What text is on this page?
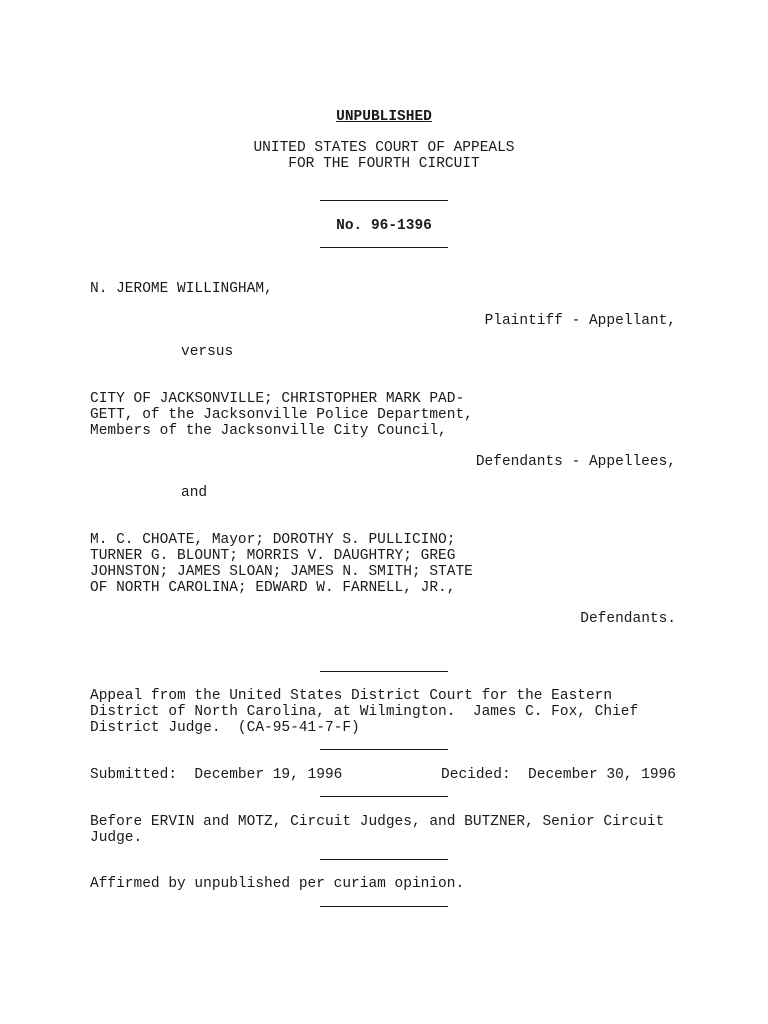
UNPUBLISHED
UNITED STATES COURT OF APPEALS
FOR THE FOURTH CIRCUIT
No. 96-1396
N. JEROME WILLINGHAM,
Plaintiff - Appellant,
versus
CITY OF JACKSONVILLE; CHRISTOPHER MARK PAD-
GETT, of the Jacksonville Police Department,
Members of the Jacksonville City Council,
Defendants - Appellees,
and
M. C. CHOATE, Mayor; DOROTHY S. PULLICINO;
TURNER G. BLOUNT; MORRIS V. DAUGHTRY; GREG
JOHNSTON; JAMES SLOAN; JAMES N. SMITH; STATE
OF NORTH CAROLINA; EDWARD W. FARNELL, JR.,
Defendants.
Appeal from the United States District Court for the Eastern
District of North Carolina, at Wilmington.  James C. Fox, Chief
District Judge.  (CA-95-41-7-F)
Submitted:  December 19, 1996	Decided:  December 30, 1996
Before ERVIN and MOTZ, Circuit Judges, and BUTZNER, Senior Circuit
Judge.
Affirmed by unpublished per curiam opinion.
